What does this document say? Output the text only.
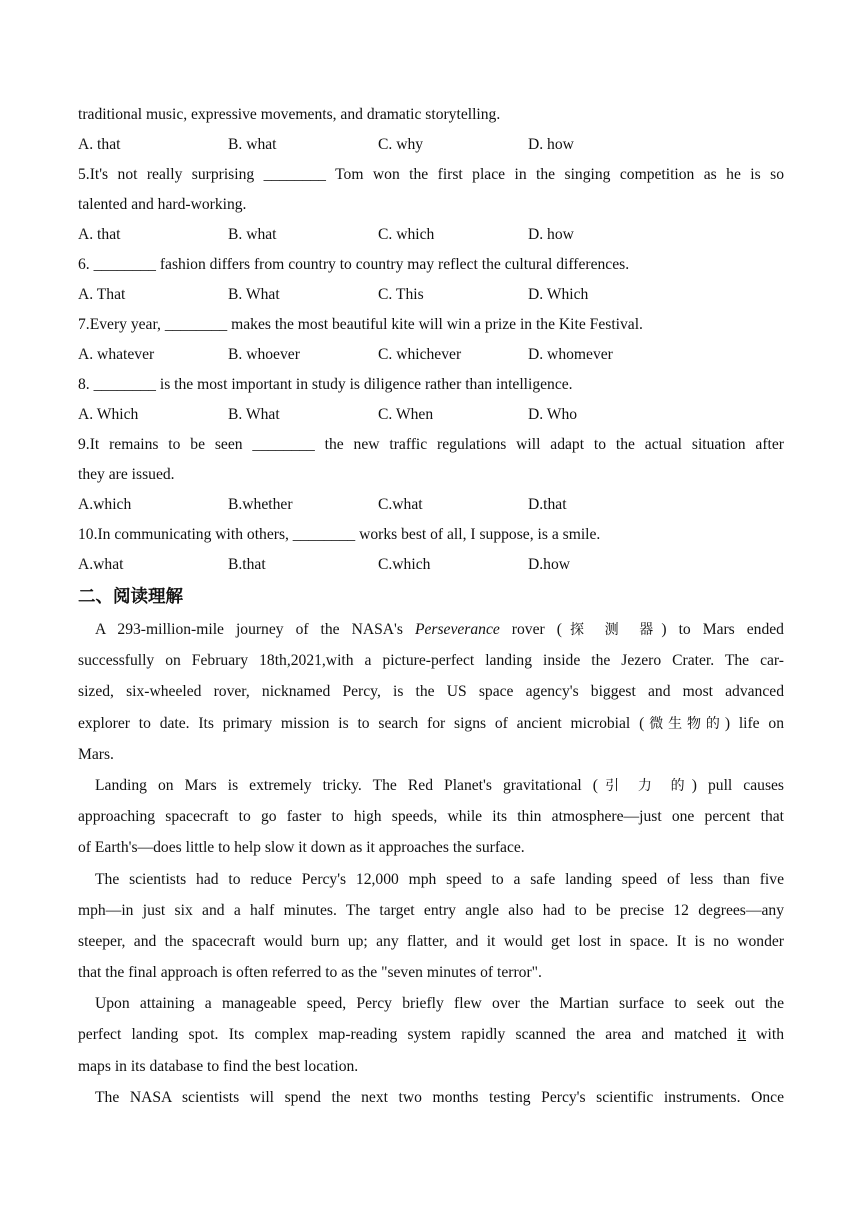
traditional music, expressive movements, and dramatic storytelling.
A. that	B. what	C. why	D. how
5.It's not really surprising ________ Tom won the first place in the singing competition as he is so
talented and hard-working.
A. that	B. what	C. which	D. how
6. ________ fashion differs from country to country may reflect the cultural differences.
A. That	B. What	C. This	D. Which
7.Every year, ________ makes the most beautiful kite will win a prize in the Kite Festival.
A. whatever	B. whoever	C. whichever	D. whomever
8. ________ is the most important in study is diligence rather than intelligence.
A. Which	B. What	C. When	D. Who
9.It remains to be seen ________ the new traffic regulations will adapt to the actual situation after
they are issued.
A.which	B.whether	C.what	D.that
10.In communicating with others, ________ works best of all, I suppose, is a smile.
A.what	B.that	C.which	D.how
二、阅读理解
A 293-million-mile journey of the NASA's Perseverance rover (探 测 器) to Mars ended
successfully on February 18th,2021,with a picture-perfect landing inside the Jezero Crater. The car-
sized, six-wheeled rover, nicknamed Percy, is the US space agency's biggest and most advanced
explorer to date. Its primary mission is to search for signs of ancient microbial (微生物的) life on
Mars.
Landing on Mars is extremely tricky. The Red Planet's gravitational (引 力 的) pull causes
approaching spacecraft to go faster to high speeds, while its thin atmosphere—just one percent that
of Earth's—does little to help slow it down as it approaches the surface.
The scientists had to reduce Percy's 12,000 mph speed to a safe landing speed of less than five
mph—in just six and a half minutes. The target entry angle also had to be precise 12 degrees—any
steeper, and the spacecraft would burn up; any flatter, and it would get lost in space. It is no wonder
that the final approach is often referred to as the "seven minutes of terror".
Upon attaining a manageable speed, Percy briefly flew over the Martian surface to seek out the
perfect landing spot. Its complex map-reading system rapidly scanned the area and matched it with
maps in its database to find the best location.
The NASA scientists will spend the next two months testing Percy's scientific instruments. Once
